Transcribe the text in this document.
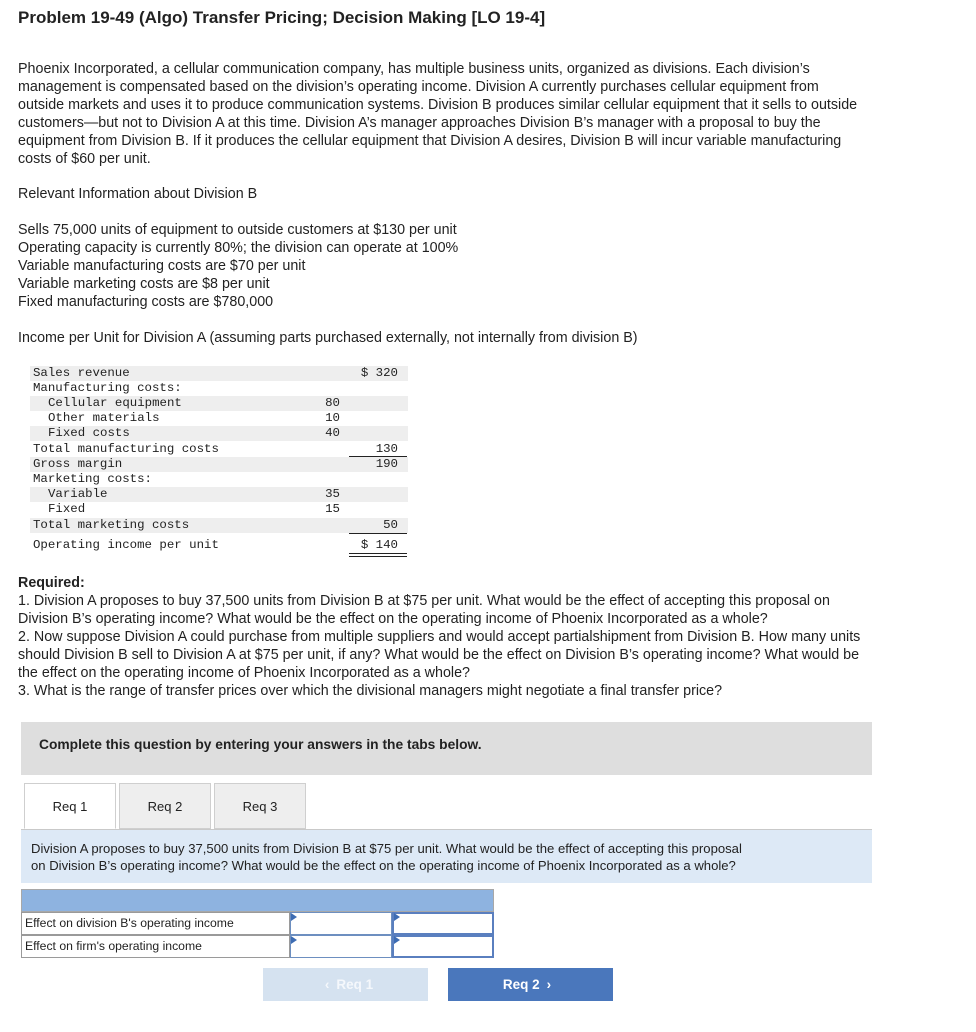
Problem 19-49 (Algo) Transfer Pricing; Decision Making [LO 19-4]
Phoenix Incorporated, a cellular communication company, has multiple business units, organized as divisions. Each division’s
management is compensated based on the division’s operating income. Division A currently purchases cellular equipment from
outside markets and uses it to produce communication systems. Division B produces similar cellular equipment that it sells to outside
customers—but not to Division A at this time. Division A’s manager approaches Division B’s manager with a proposal to buy the
equipment from Division B. If it produces the cellular equipment that Division A desires, Division B will incur variable manufacturing
costs of $60 per unit.
Relevant Information about Division B
Sells 75,000 units of equipment to outside customers at $130 per unit
Operating capacity is currently 80%; the division can operate at 100%
Variable manufacturing costs are $70 per unit
Variable marketing costs are $8 per unit
Fixed manufacturing costs are $780,000
Income per Unit for Division A (assuming parts purchased externally, not internally from division B)
Sales revenue	$ 320
Manufacturing costs:
Cellular equipment	80
Other materials	10
Fixed costs	40
Total manufacturing costs	130
Gross margin	190
Marketing costs:
Variable	35
Fixed	15
Total marketing costs	50
Operating income per unit	$ 140
Required:
1. Division A proposes to buy 37,500 units from Division B at $75 per unit. What would be the effect of accepting this proposal on
Division B’s operating income? What would be the effect on the operating income of Phoenix Incorporated as a whole?
2. Now suppose Division A could purchase from multiple suppliers and would accept partialshipment from Division B. How many units
should Division B sell to Division A at $75 per unit, if any? What would be the effect on Division B’s operating income? What would be
the effect on the operating income of Phoenix Incorporated as a whole?
3. What is the range of transfer prices over which the divisional managers might negotiate a final transfer price?
Complete this question by entering your answers in the tabs below.
Req 1	Req 2	Req 3
Division A proposes to buy 37,500 units from Division B at $75 per unit. What would be the effect of accepting this proposal
on Division B’s operating income? What would be the effect on the operating income of Phoenix Incorporated as a whole?
Effect on division B's operating income
Effect on firm's operating income
‹ Req 1	Req 2 ›
